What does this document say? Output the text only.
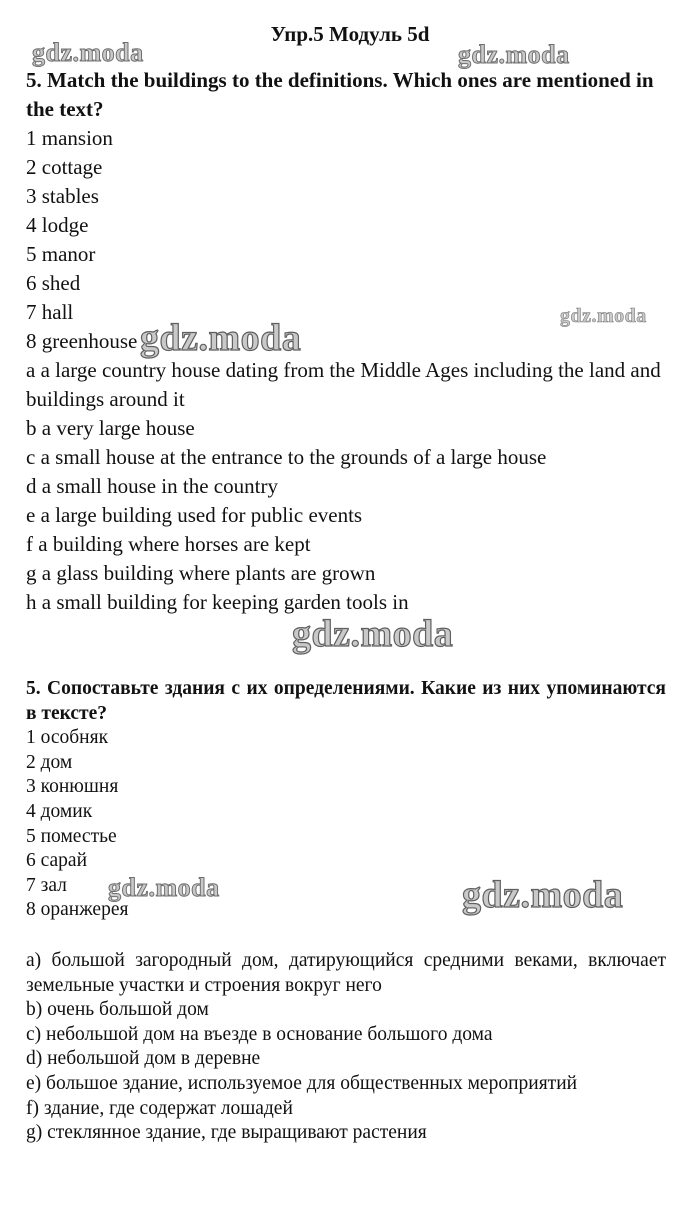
Упр.5 Модуль 5d
5. Match the buildings to the definitions. Which ones are mentioned in the text?
1 mansion
2 cottage
3 stables
4 lodge
5 manor
6 shed
7 hall
8 greenhouse
a a large country house dating from the Middle Ages including the land and buildings around it
b a very large house
c a small house at the entrance to the grounds of a large house
d a small house in the country
e a large building used for public events
f a building where horses are kept
g a glass building where plants are grown
h a small building for keeping garden tools in
5. Сопоставьте здания с их определениями. Какие из них упоминаются в тексте?
1 особняк
2 дом
3 конюшня
4 домик
5 поместье
6 сарай
7 зал
8 оранжерея
a) большой загородный дом, датирующийся средними веками, включает земельные участки и строения вокруг него
b) очень большой дом
c) небольшой дом на въезде в основание большого дома
d) небольшой дом в деревне
e) большое здание, используемое для общественных мероприятий
f) здание, где содержат лошадей
g) стеклянное здание, где выращивают растения
gdz.moda	gdz.moda
gdz.moda
gdz.moda
gdz.moda
gdz.moda	gdz.moda
